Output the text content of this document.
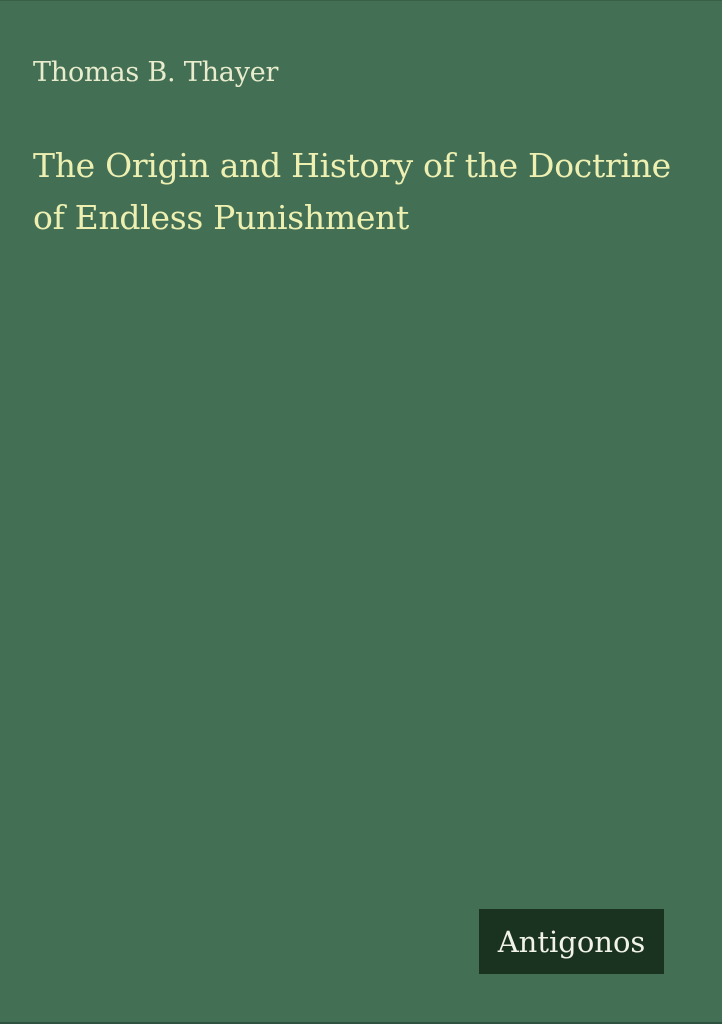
Thomas B. Thayer
The Origin and History of the Doctrine
of Endless Punishment
Antigonos
